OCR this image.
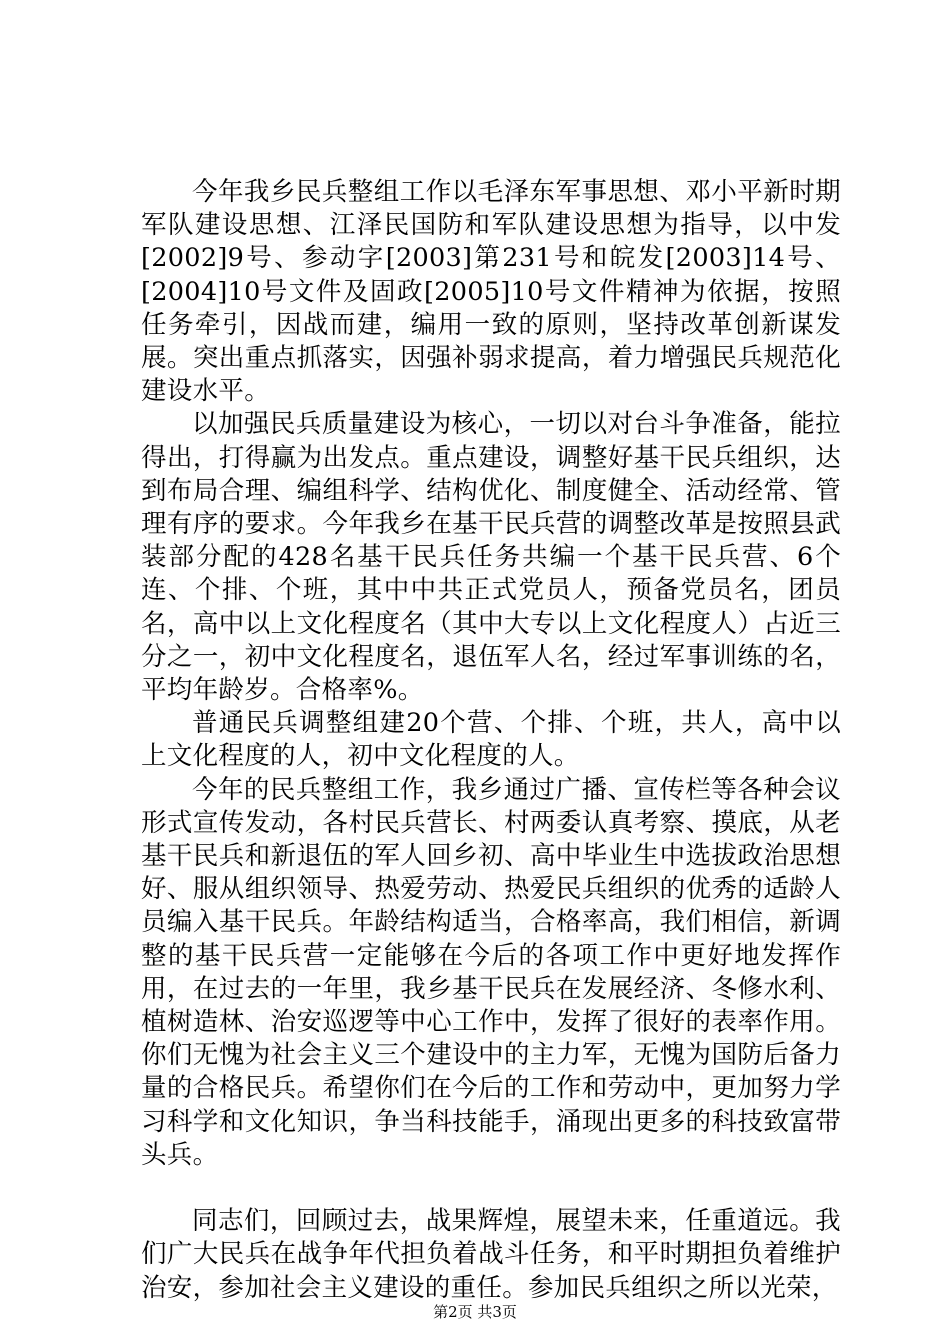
今年我乡民兵整组工作以毛泽东军事思想、邓小平新时期军队建设思想、江泽民国防和军队建设思想为指导，以中发[2002]9号、参动字[2003]第231号和皖发[2003]14号、[2004]10号文件及固政[2005]10号文件精神为依据，按照任务牵引，因战而建，编用一致的原则，坚持改革创新谋发展。突出重点抓落实，因强补弱求提高，着力增强民兵规范化建设水平。

以加强民兵质量建设为核心，一切以对台斗争准备，能拉得出，打得赢为出发点。重点建设，调整好基干民兵组织，达到布局合理、编组科学、结构优化、制度健全、活动经常、管理有序的要求。今年我乡在基干民兵营的调整改革是按照县武装部分配的428名基干民兵任务共编一个基干民兵营、6个连、个排、个班，其中中共正式党员人，预备党员名，团员名，高中以上文化程度名（其中大专以上文化程度人）占近三分之一，初中文化程度名，退伍军人名，经过军事训练的名，平均年龄岁。合格率%。

普通民兵调整组建20个营、个排、个班，共人，高中以上文化程度的人，初中文化程度的人。

今年的民兵整组工作，我乡通过广播、宣传栏等各种会议形式宣传发动，各村民兵营长、村两委认真考察、摸底，从老基干民兵和新退伍的军人回乡初、高中毕业生中选拔政治思想好、服从组织领导、热爱劳动、热爱民兵组织的优秀的适龄人员编入基干民兵。年龄结构适当，合格率高，我们相信，新调整的基干民兵营一定能够在今后的各项工作中更好地发挥作用，在过去的一年里，我乡基干民兵在发展经济、冬修水利、植树造林、治安巡逻等中心工作中，发挥了很好的表率作用。你们无愧为社会主义三个建设中的主力军，无愧为国防后备力量的合格民兵。希望你们在今后的工作和劳动中，更加努力学习科学和文化知识，争当科技能手，涌现出更多的科技致富带头兵。

同志们，回顾过去，战果辉煌，展望未来，任重道远。我们广大民兵在战争年代担负着战斗任务，和平时期担负着维护治安，参加社会主义建设的重任。参加民兵组织之所以光荣，

第2页 共3页
